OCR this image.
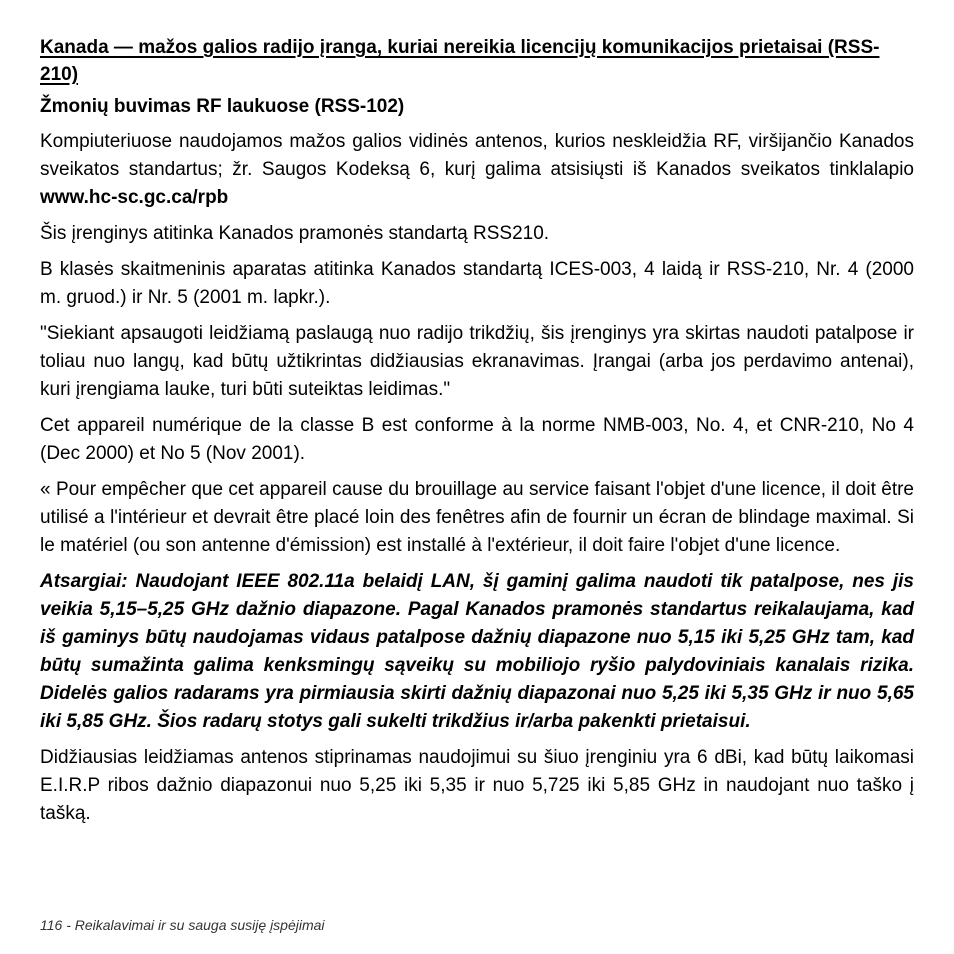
Kanada — mažos galios radijo įranga, kuriai nereikia licencijų komunikacijos prietaisai (RSS-210)
Žmonių buvimas RF laukuose (RSS-102)

Kompiuteriuose naudojamos mažos galios vidinės antenos, kurios neskleidžia RF, viršijančio Kanados sveikatos standartus; žr. Saugos Kodeksą 6, kurį galima atsisiųsti iš Kanados sveikatos tinklalapio www.hc-sc.gc.ca/rpb

Šis įrenginys atitinka Kanados pramonės standartą RSS210.

B klasės skaitmeninis aparatas atitinka Kanados standartą ICES-003, 4 laidą ir RSS-210, Nr. 4 (2000 m. gruod.) ir Nr. 5 (2001 m. lapkr.).

"Siekiant apsaugoti leidžiamą paslaugą nuo radijo trikdžių, šis įrenginys yra skirtas naudoti patalpose ir toliau nuo langų, kad būtų užtikrintas didžiausias ekranavimas. Įrangai (arba jos perdavimo antenai), kuri įrengiama lauke, turi būti suteiktas leidimas."

Cet appareil numérique de la classe B est conforme à la norme NMB-003, No. 4, et CNR-210, No 4 (Dec 2000) et No 5 (Nov 2001).

« Pour empêcher que cet appareil cause du brouillage au service faisant l'objet d'une licence, il doit être utilisé a l'intérieur et devrait être placé loin des fenêtres afin de fournir un écran de blindage maximal. Si le matériel (ou son antenne d'émission) est installé à l'extérieur, il doit faire l'objet d'une licence.

Atsargiai: Naudojant IEEE 802.11a belaidį LAN, šį gaminį galima naudoti tik patalpose, nes jis veikia 5,15–5,25 GHz dažnio diapazone. Pagal Kanados pramonės standartus reikalaujama, kad iš gaminys būtų naudojamas vidaus patalpose dažnių diapazone nuo 5,15 iki 5,25 GHz tam, kad būtų sumažinta galima kenksmingų sąveikų su mobiliojo ryšio palydoviniais kanalais rizika. Didelės galios radarams yra pirmiausia skirti dažnių diapazonai nuo 5,25 iki 5,35 GHz ir nuo 5,65 iki 5,85 GHz. Šios radarų stotys gali sukelti trikdžius ir/arba pakenkti prietaisui.

Didžiausias leidžiamas antenos stiprinamas naudojimui su šiuo įrenginiu yra 6 dBi, kad būtų laikomasi E.I.R.P ribos dažnio diapazonui nuo 5,25 iki 5,35 ir nuo 5,725 iki 5,85 GHz in naudojant nuo taško į tašką.

116 - Reikalavimai ir su sauga susiję įspėjimai
